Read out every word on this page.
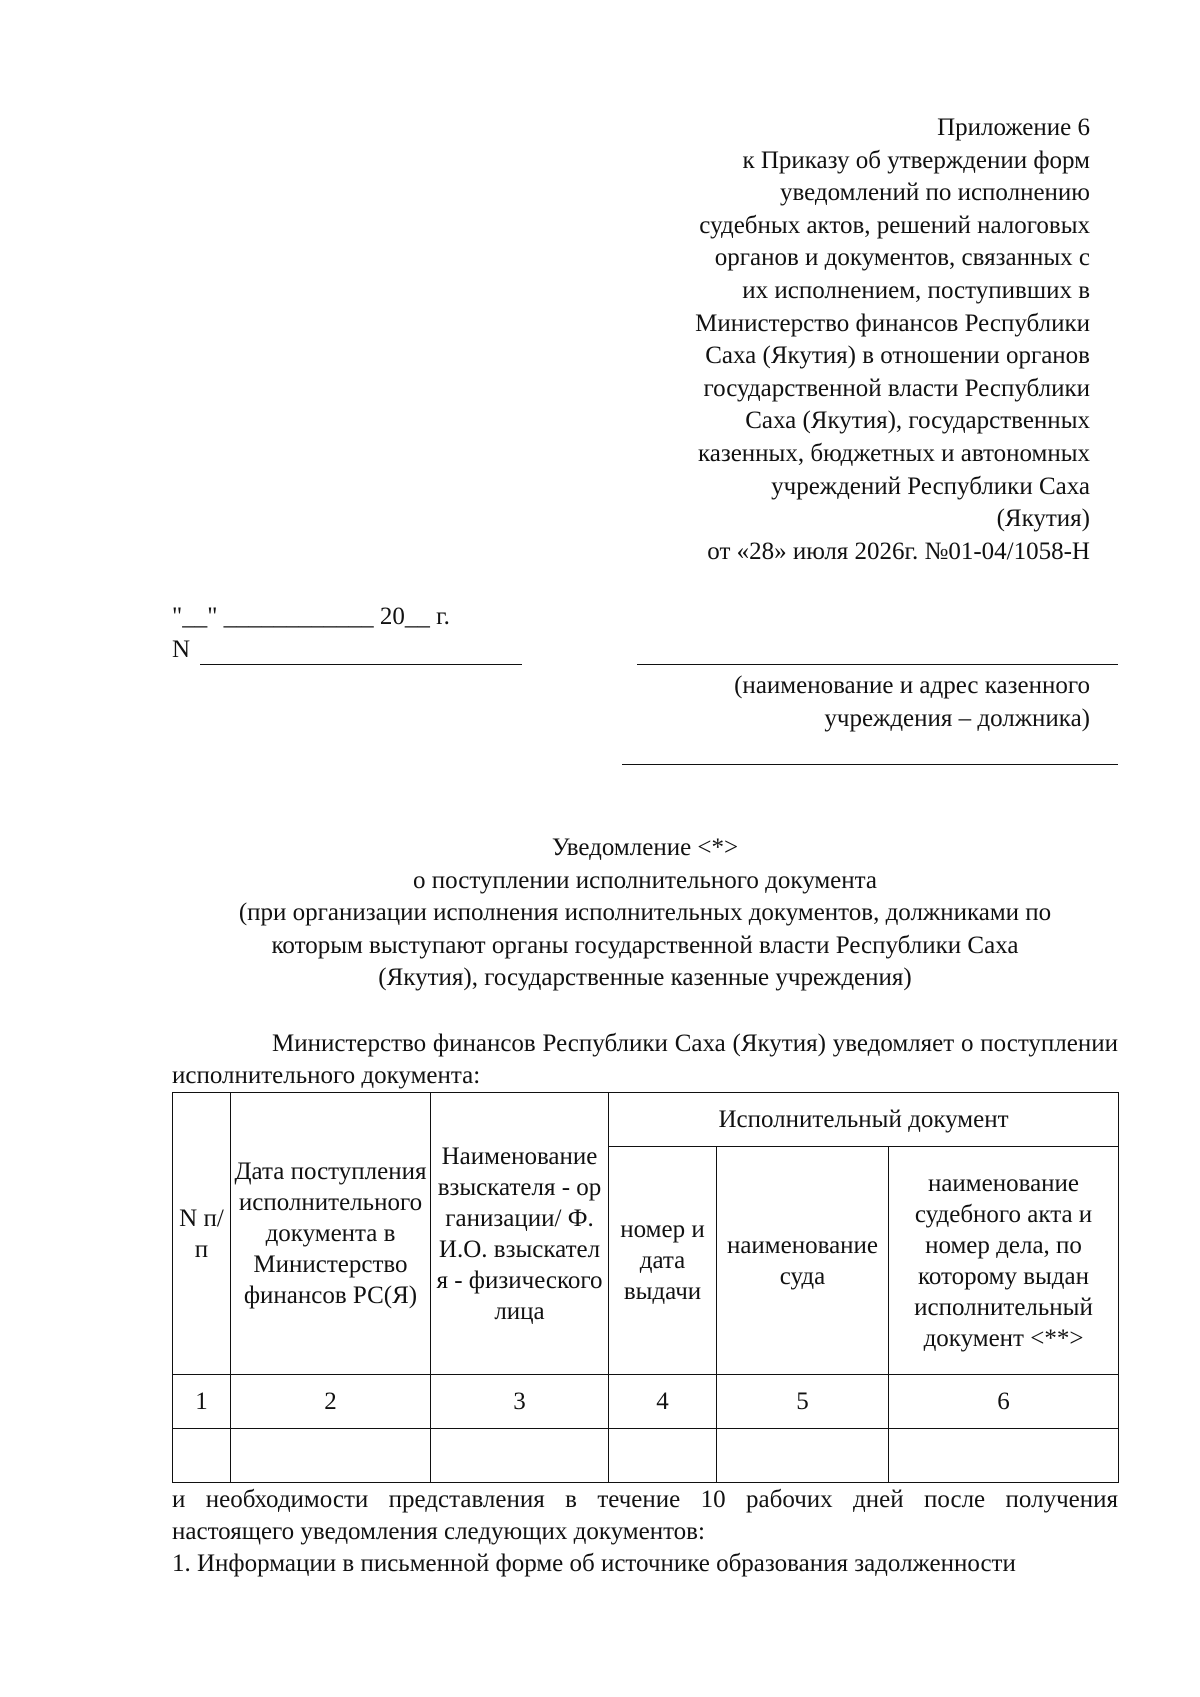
Приложение 6
к Приказу об утверждении форм
уведомлений по исполнению
судебных актов, решений налоговых
органов и документов, связанных с
их исполнением, поступивших в
Министерство финансов Республики
Саха (Якутия) в отношении органов
государственной власти Республики
Саха (Якутия), государственных
казенных, бюджетных и автономных
учреждений Республики Саха
(Якутия)
от «28» июля 2026г. №01-04/1058-Н
"__" ____________ 20__ г.
N
(наименование и адрес казенного
учреждения – должника)
Уведомление <*>
о поступлении исполнительного документа
(при организации исполнения исполнительных документов, должниками по
которым выступают органы государственной власти Республики Саха
(Якутия), государственные казенные учреждения)
Министерство финансов Республики Саха (Якутия) уведомляет о поступлении исполнительного документа:
N п/п	Дата поступления исполнительного документа в Министерство финансов РС(Я)	Наименование взыскателя - организации/ Ф.И.О. взыскателя - физического лица	Исполнительный документ		
			номер и дата выдачи	наименование суда	наименование судебного акта и номер дела, по которому выдан исполнительный документ <**>
1	2	3	4	5	6

и необходимости представления в течение 10 рабочих дней после получения настоящего уведомления следующих документов:
1. Информации в письменной форме об источнике образования задолженности
